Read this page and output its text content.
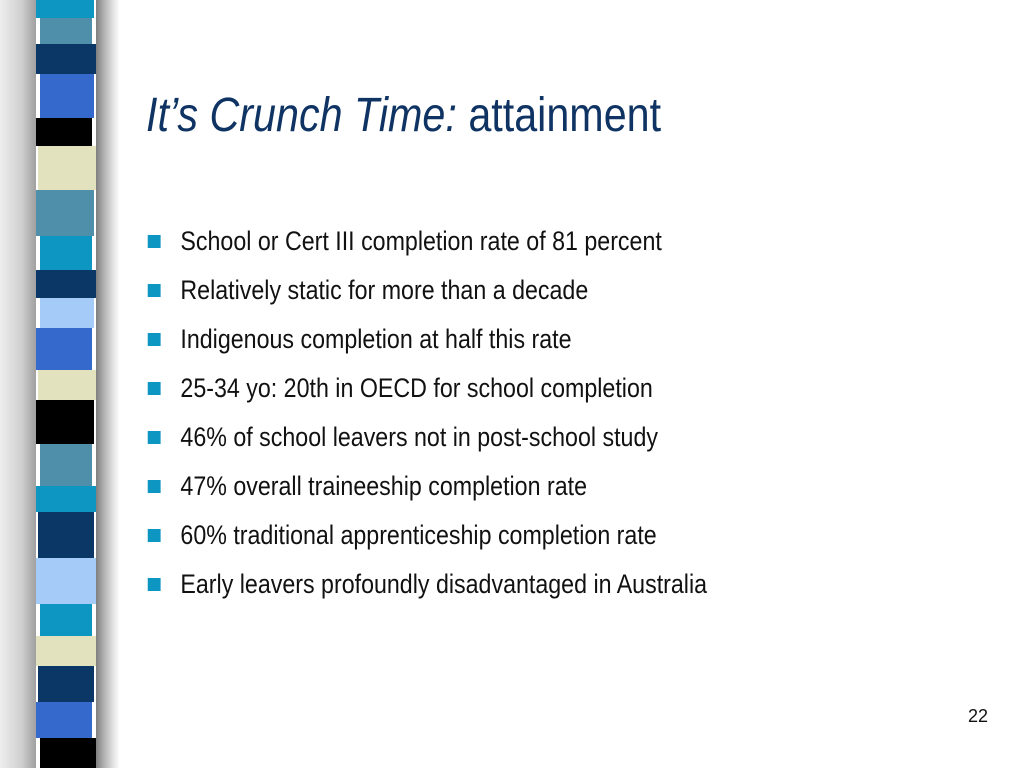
It’s Crunch Time: attainment
School or Cert III completion rate of 81 percent
Relatively static for more than a decade
Indigenous completion at half this rate
25-34 yo: 20th in OECD for school completion
46% of school leavers not in post-school study
47% overall traineeship completion rate
60% traditional apprenticeship completion rate
Early leavers profoundly disadvantaged in Australia
22
